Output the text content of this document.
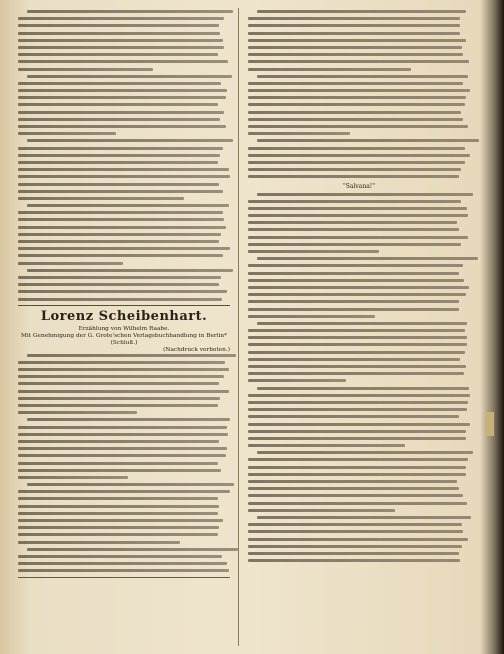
Lorenz Scheibenhart.
Erzählung von Wilhelm Raabe.
Mit Genehmigung der G. Grote'schen Verlagsbuchhandlung in Berlin*
(Schluß.)
(Nachdruck verboten.)
"Salvana!"
